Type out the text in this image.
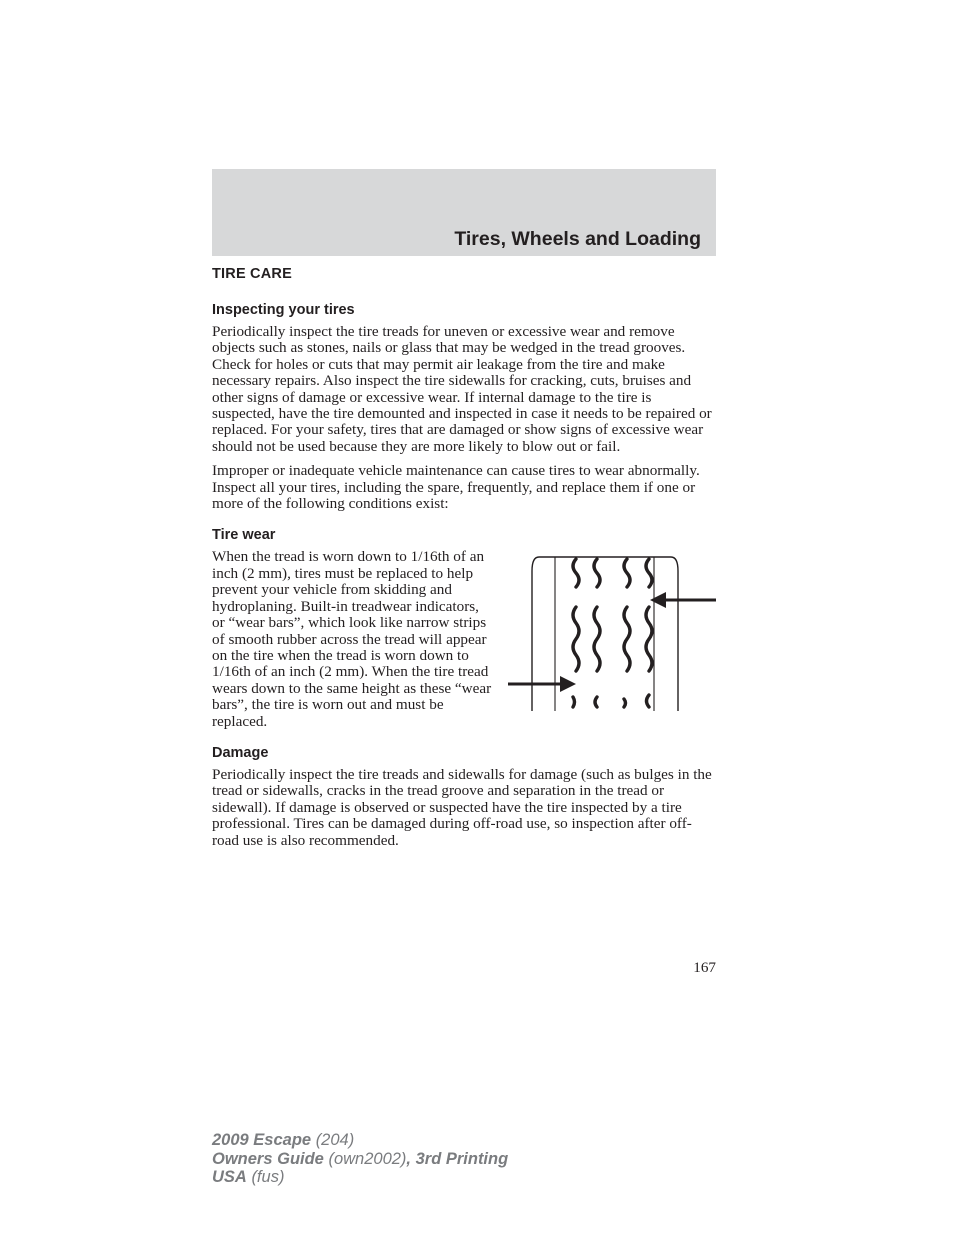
Tires, Wheels and Loading
TIRE CARE
Inspecting your tires

Periodically inspect the tire treads for uneven or excessive wear and remove objects such as stones, nails or glass that may be wedged in the tread grooves. Check for holes or cuts that may permit air leakage from the tire and make necessary repairs. Also inspect the tire sidewalls for cracking, cuts, bruises and other signs of damage or excessive wear. If internal damage to the tire is suspected, have the tire demounted and inspected in case it needs to be repaired or replaced. For your safety, tires that are damaged or show signs of excessive wear should not be used because they are more likely to blow out or fail.

Improper or inadequate vehicle maintenance can cause tires to wear abnormally. Inspect all your tires, including the spare, frequently, and replace them if one or more of the following conditions exist:

Tire wear

When the tread is worn down to 1/16th of an inch (2 mm), tires must be replaced to help prevent your vehicle from skidding and hydroplaning. Built-in treadwear indicators, or “wear bars”, which look like narrow strips of smooth rubber across the tread will appear on the tire when the tread is worn down to 1/16th of an inch (2 mm). When the tire tread wears down to the same height as these “wear bars”, the tire is worn out and must be replaced.

Damage

Periodically inspect the tire treads and sidewalls for damage (such as bulges in the tread or sidewalls, cracks in the tread groove and separation in the tread or sidewall). If damage is observed or suspected have the tire inspected by a tire professional. Tires can be damaged during off-road use, so inspection after off-road use is also recommended.

167
2009 Escape (204)
Owners Guide (own2002), 3rd Printing
USA (fus)
